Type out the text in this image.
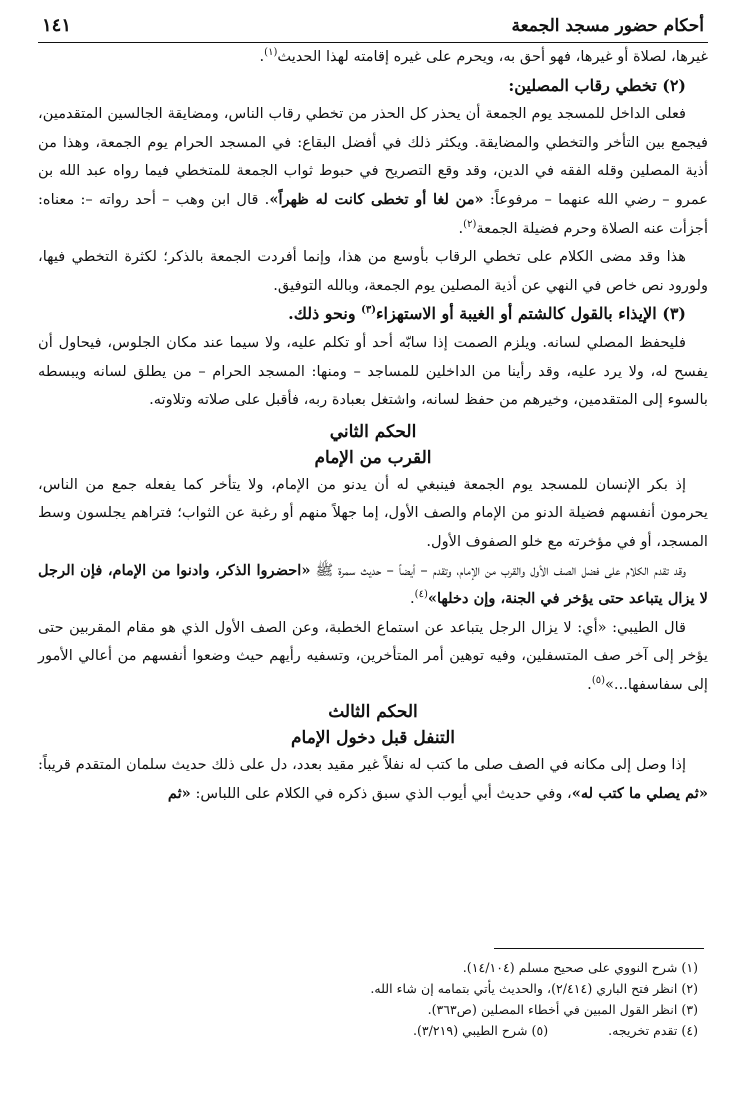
أحكام حضور مسجد الجمعة
١٤١

غيرها، لصلاة أو غيرها، فهو أحق به، ويحرم على غيره إقامته لهذا الحديث$^{(١)}$.

(٢) تخطي رقاب المصلين:

فعلى الداخل للمسجد يوم الجمعة أن يحذر كل الحذر من تخطي رقاب الناس، ومضايقة الجالسين المتقدمين، فيجمع بين التأخر والتخطي والمضايقة. ويكثر ذلك في أفضل البقاع: في المسجد الحرام يوم الجمعة، وهذا من أذية المصلين وقله الفقه في الدين، وقد وقع التصريح في حبوط ثواب الجمعة للمتخطي فيما رواه عبد الله بن عمرو – رضي الله عنهما – مرفوعاً: «من لغا أو تخطى كانت له ظهراً». قال ابن وهب – أحد رواته –: معناه: أجزأت عنه الصلاة وحرم فضيلة الجمعة$^{(٢)}$.

هذا وقد مضى الكلام على تخطي الرقاب بأوسع من هذا، وإنما أفردت الجمعة بالذكر؛ لكثرة التخطي فيها، ولورود نص خاص في النهي عن أذية المصلين يوم الجمعة، وبالله التوفيق.

(٣) الإيذاء بالقول كالشتم أو الغيبة أو الاستهزاء$^{(٣)}$ ونحو ذلك.

فليحفظ المصلي لسانه. ويلزم الصمت إذا سابّه أحد أو تكلم عليه، ولا سيما عند مكان الجلوس، فيحاول أن يفسح له، ولا يرد عليه، وقد رأينا من الداخلين للمساجد – ومنها: المسجد الحرام – من يطلق لسانه ويبسطه بالسوء إلى المتقدمين، وخيرهم من حفظ لسانه، واشتغل بعبادة ربه، فأقبل على صلاته وتلاوته.

الحكم الثاني
القرب من الإمام

إذ بكر الإنسان للمسجد يوم الجمعة فينبغي له أن يدنو من الإمام، ولا يتأخر كما يفعله جمع من الناس، يحرمون أنفسهم فضيلة الدنو من الإمام والصف الأول، إما جهلاً منهم أو رغبة عن الثواب؛ فتراهم يجلسون وسط المسجد، أو في مؤخرته مع خلو الصفوف الأول.

وقد تقدم الكلام على فضل الصف الأول والقرب من الإمام، وتقدم – أيضاً – حديث سمرة ﷺ «احضروا الذكر، وادنوا من الإمام، فإن الرجل لا يزال يتباعد حتى يؤخر في الجنة، وإن دخلها»$^{(٤)}$.

قال الطيبي: «أي: لا يزال الرجل يتباعد عن استماع الخطبة، وعن الصف الأول الذي هو مقام المقربين حتى يؤخر إلى آخر صف المتسفلين، وفيه توهين أمر المتأخرين، وتسفيه رأيهم حيث وضعوا أنفسهم من أعالي الأمور إلى سفاسفها...»$^{(٥)}$.

الحكم الثالث
التنفل قبل دخول الإمام

إذا وصل إلى مكانه في الصف صلى ما كتب له نفلاً غير مقيد بعدد، دل على ذلك حديث سلمان المتقدم قريباً: «ثم يصلي ما كتب له»، وفي حديث أبي أيوب الذي سبق ذكره في الكلام على اللباس: «ثم

(١) شرح النووي على صحيح مسلم (١٤/١٠٤).
(٢) انظر فتح الباري (٢/٤١٤)، والحديث يأتي بتمامه إن شاء الله.
(٣) انظر القول المبين في أخطاء المصلين (ص٣٦٣).
(٤) تقدم تخريجه.
(٥) شرح الطيبي (٣/٢١٩).
